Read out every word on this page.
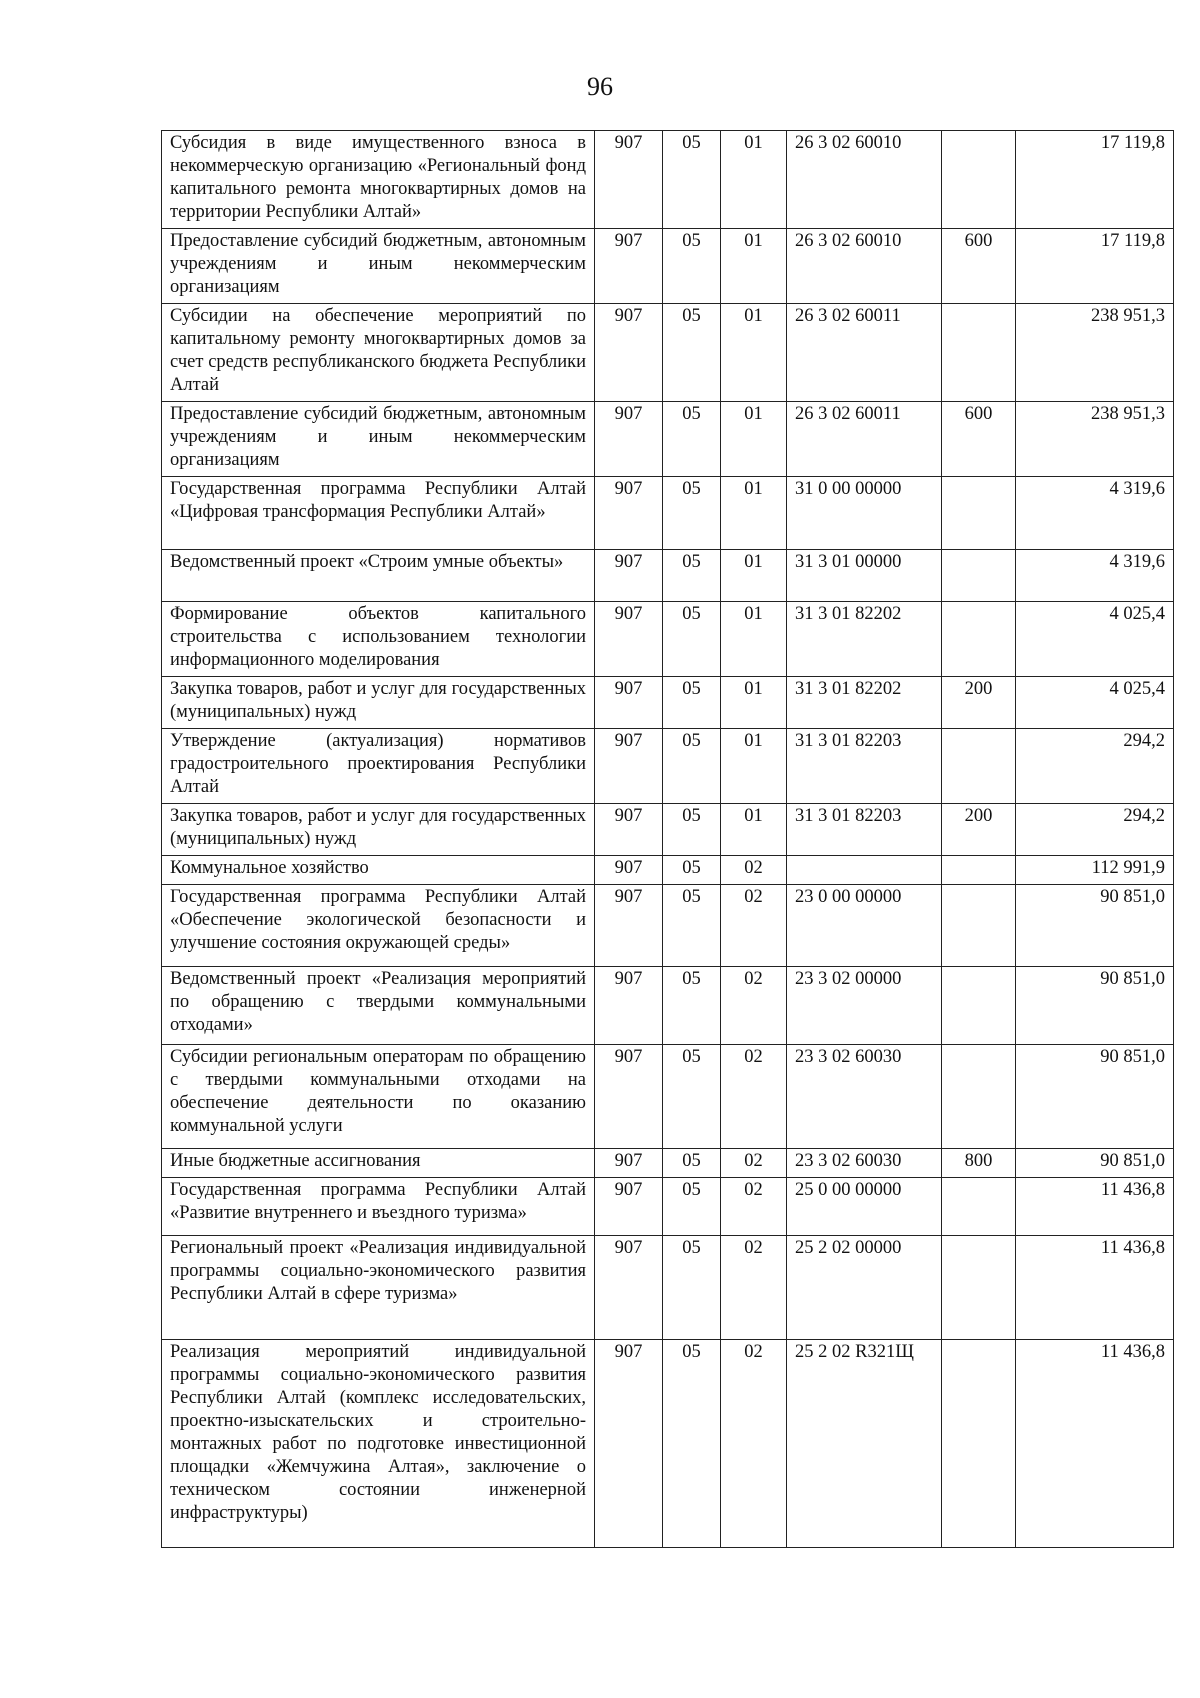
96
Субсидия в виде имущественного взноса в некоммерческую организацию «Региональный фонд капитального ремонта многоквартирных домов на территории Республики Алтай»	907	05	01	26 3 02 60010		17 119,8
Предоставление субсидий бюджетным, автономным учреждениям и иным некоммерческим организациям	907	05	01	26 3 02 60010	600	17 119,8
Субсидии на обеспечение мероприятий по капитальному ремонту многоквартирных домов за счет средств республиканского бюджета Республики Алтай	907	05	01	26 3 02 60011		238 951,3
Предоставление субсидий бюджетным, автономным учреждениям и иным некоммерческим организациям	907	05	01	26 3 02 60011	600	238 951,3
Государственная программа Республики Алтай «Цифровая трансформация Республики Алтай»	907	05	01	31 0 00 00000		4 319,6
Ведомственный проект «Строим умные объекты»	907	05	01	31 3 01 00000		4 319,6
Формирование объектов капитального строительства с использованием технологии информационного моделирования	907	05	01	31 3 01 82202		4 025,4
Закупка товаров, работ и услуг для государственных (муниципальных) нужд	907	05	01	31 3 01 82202	200	4 025,4
Утверждение (актуализация) нормативов градостроительного проектирования Республики Алтай	907	05	01	31 3 01 82203		294,2
Закупка товаров, работ и услуг для государственных (муниципальных) нужд	907	05	01	31 3 01 82203	200	294,2
Коммунальное хозяйство	907	05	02			112 991,9
Государственная программа Республики Алтай «Обеспечение экологической безопасности и улучшение состояния окружающей среды»	907	05	02	23 0 00 00000		90 851,0
Ведомственный проект «Реализация мероприятий по обращению с твердыми коммунальными отходами»	907	05	02	23 3 02 00000		90 851,0
Субсидии региональным операторам по обращению с твердыми коммунальными отходами на обеспечение деятельности по оказанию коммунальной услуги	907	05	02	23 3 02 60030		90 851,0
Иные бюджетные ассигнования	907	05	02	23 3 02 60030	800	90 851,0
Государственная программа Республики Алтай «Развитие внутреннего и въездного туризма»	907	05	02	25 0 00 00000		11 436,8
Региональный проект «Реализация индивидуальной программы социально-экономического развития Республики Алтай в сфере туризма»	907	05	02	25 2 02 00000		11 436,8
Реализация мероприятий индивидуальной программы социально-экономического развития Республики Алтай (комплекс исследовательских, проектно-изыскательских и строительно-монтажных работ по подготовке инвестиционной площадки «Жемчужина Алтая», заключение о техническом состоянии инженерной инфраструктуры)	907	05	02	25 2 02 R321Щ		11 436,8
